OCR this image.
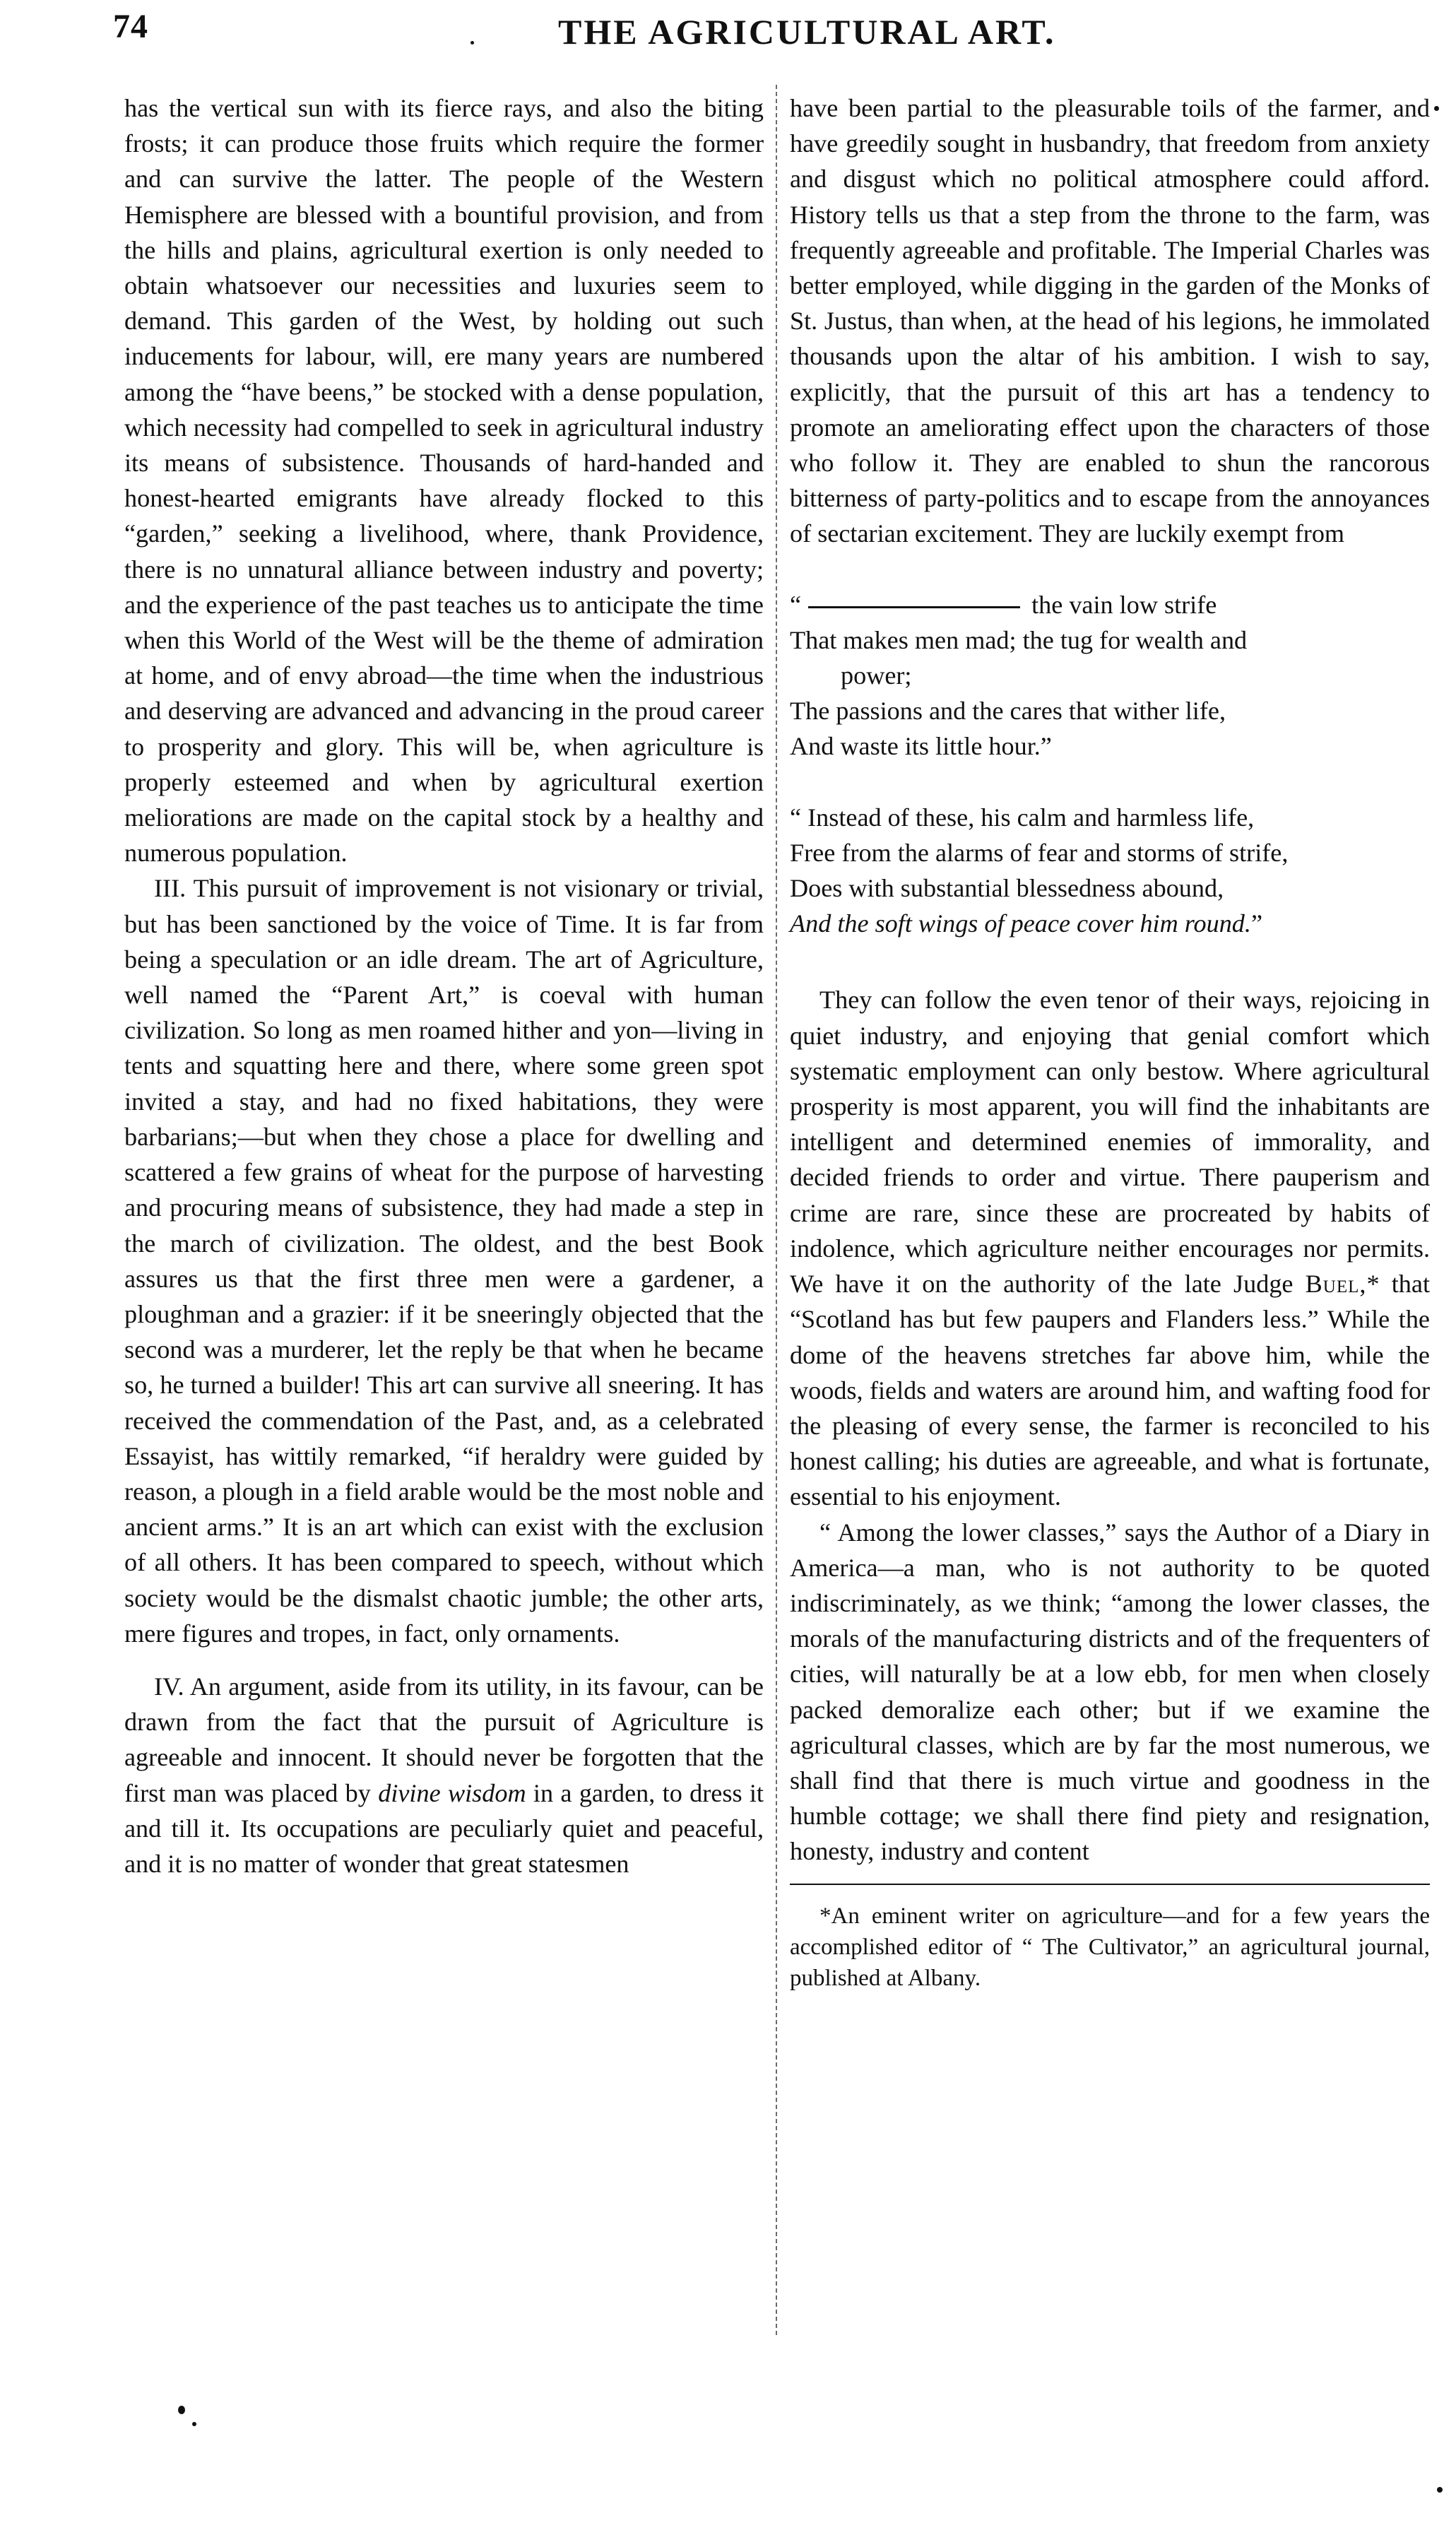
74	THE AGRICULTURAL ART.

has the vertical sun with its fierce rays, and also the biting frosts; it can produce those fruits which require the former and can survive the latter. The people of the Western Hemisphere are blessed with a bountiful provision, and from the hills and plains, agricultural exertion is only needed to obtain whatsoever our necessities and luxuries seem to demand. This garden of the West, by holding out such inducements for labour, will, ere many years are numbered among the “have beens,” be stocked with a dense population, which necessity had compelled to seek in agricultural industry its means of subsistence. Thousands of hard-handed and honest-hearted emigrants have already flocked to this “garden,” seeking a livelihood, where, thank Providence, there is no unnatural alliance between industry and poverty; and the experience of the past teaches us to anticipate the time when this World of the West will be the theme of admiration at home, and of envy abroad—the time when the industrious and deserving are advanced and advancing in the proud career to prosperity and glory. This will be, when agriculture is properly esteemed and when by agricultural exertion meliorations are made on the capital stock by a healthy and numerous population.

III. This pursuit of improvement is not visionary or trivial, but has been sanctioned by the voice of Time. It is far from being a speculation or an idle dream. The art of Agriculture, well named the “Parent Art,” is coeval with human civilization. So long as men roamed hither and yon—living in tents and squatting here and there, where some green spot invited a stay, and had no fixed habitations, they were barbarians;—but when they chose a place for dwelling and scattered a few grains of wheat for the purpose of harvesting and procuring means of subsistence, they had made a step in the march of civilization. The oldest, and the best Book assures us that the first three men were a gardener, a ploughman and a grazier: if it be sneeringly objected that the second was a murderer, let the reply be that when he became so, he turned a builder! This art can survive all sneering. It has received the commendation of the Past, and, as a celebrated Essayist, has wittily remarked, “if heraldry were guided by reason, a plough in a field arable would be the most noble and ancient arms.” It is an art which can exist with the exclusion of all others. It has been compared to speech, without which society would be the dismalst chaotic jumble; the other arts, mere figures and tropes, in fact, only ornaments.

IV. An argument, aside from its utility, in its favour, can be drawn from the fact that the pursuit of Agriculture is agreeable and innocent. It should never be forgotten that the first man was placed by divine wisdom in a garden, to dress it and till it. Its occupations are peculiarly quiet and peaceful, and it is no matter of wonder that great statesmen

have been partial to the pleasurable toils of the farmer, and have greedily sought in husbandry, that freedom from anxiety and disgust which no political atmosphere could afford. History tells us that a step from the throne to the farm, was frequently agreeable and profitable. The Imperial Charles was better employed, while digging in the garden of the Monks of St. Justus, than when, at the head of his legions, he immolated thousands upon the altar of his ambition. I wish to say, explicitly, that the pursuit of this art has a tendency to promote an ameliorating effect upon the characters of those who follow it. They are enabled to shun the rancorous bitterness of party-politics and to escape from the annoyances of sectarian excitement. They are luckily exempt from

“	the vain low strife
That makes men mad; the tug for wealth and
power;
The passions and the cares that wither life,
And waste its little hour.”
“ Instead of these, his calm and harmless life,
Free from the alarms of fear and storms of strife,
Does with substantial blessedness abound,
And the soft wings of peace cover him round.”

They can follow the even tenor of their ways, rejoicing in quiet industry, and enjoying that genial comfort which systematic employment can only bestow. Where agricultural prosperity is most apparent, you will find the inhabitants are intelligent and determined enemies of immorality, and decided friends to order and virtue. There pauperism and crime are rare, since these are procreated by habits of indolence, which agriculture neither encourages nor permits. We have it on the authority of the late Judge Buel,* that “Scotland has but few paupers and Flanders less.” While the dome of the heavens stretches far above him, while the woods, fields and waters are around him, and wafting food for the pleasing of every sense, the farmer is reconciled to his honest calling; his duties are agreeable, and what is fortunate, essential to his enjoyment.

“ Among the lower classes,” says the Author of a Diary in America—a man, who is not authority to be quoted indiscriminately, as we think; “among the lower classes, the morals of the manufacturing districts and of the frequenters of cities, will naturally be at a low ebb, for men when closely packed demoralize each other; but if we examine the agricultural classes, which are by far the most numerous, we shall find that there is much virtue and goodness in the humble cottage; we shall there find piety and resignation, honesty, industry and content

*An eminent writer on agriculture—and for a few years the accomplished editor of “ The Cultivator,” an agricultural journal, published at Albany.
